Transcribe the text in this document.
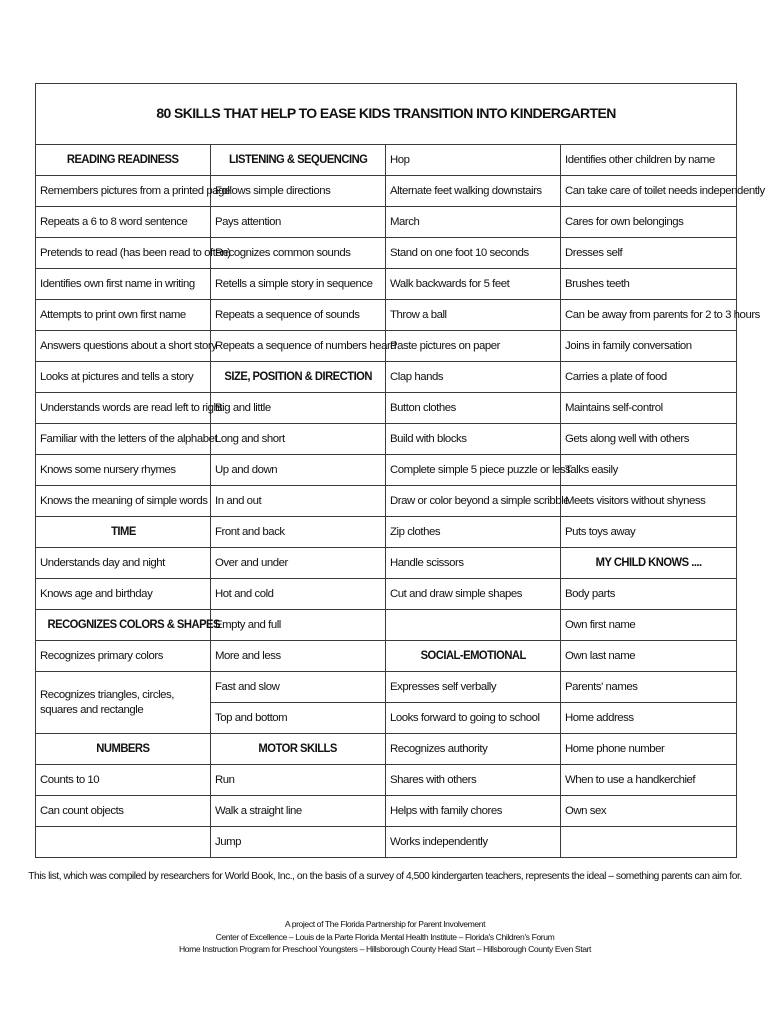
80 SKILLS THAT HELP TO EASE KIDS TRANSITION INTO KINDERGARTEN			
READING READINESS	LISTENING & SEQUENCING	Hop	Identifies other children by name
Remembers pictures from a printed page	Follows simple directions	Alternate feet walking downstairs	Can take care of toilet needs independently
Repeats a 6 to 8 word sentence	Pays attention	March	Cares for own belongings
Pretends to read (has been read to often)	Recognizes common sounds	Stand on one foot 10 seconds	Dresses self
Identifies own first name in writing	Retells a simple story in sequence	Walk backwards for 5 feet	Brushes teeth
Attempts to print own first name	Repeats a sequence of sounds	Throw a ball	Can be away from parents for 2 to 3 hours
Answers questions about a short story	Repeats a sequence of numbers heard	Paste pictures on paper	Joins in family conversation
Looks at pictures and tells a story	SIZE, POSITION & DIRECTION	Clap hands	Carries a plate of food
Understands words are read left to right	Big and little	Button clothes	Maintains self-control
Familiar with the letters of the alphabet	Long and short	Build with blocks	Gets along well with others
Knows some nursery rhymes	Up and down	Complete simple 5 piece puzzle or less	Talks easily
Knows the meaning of simple words	In and out	Draw or color beyond a simple scribble	Meets visitors without shyness
TIME	Front and back	Zip clothes	Puts toys away
Understands day and night	Over and under	Handle scissors	MY CHILD KNOWS ....
Knows age and birthday	Hot and cold	Cut and draw simple shapes	Body parts
RECOGNIZES COLORS & SHAPES	Empty and full		Own first name
Recognizes primary colors	More and less	SOCIAL-EMOTIONAL	Own last name
Recognizes triangles, circles, squares and rectangle	Fast and slow	Expresses self verbally	Parents' names
	Top and bottom	Looks forward to going to school	Home address
NUMBERS	MOTOR SKILLS	Recognizes authority	Home phone number
Counts to 10	Run	Shares with others	When to use a handkerchief
Can count objects	Walk a straight line	Helps with family chores	Own sex
	Jump	Works independently	
This list, which was compiled by researchers for World Book, Inc., on the basis of a survey of 4,500 kindergarten teachers, represents the ideal – something parents can aim for.
A project of The Florida Partnership for Parent Involvement
Center of Excellence – Louis de la Parte Florida Mental Health Institute – Florida's Children's Forum
Home Instruction Program for Preschool Youngsters – Hillsborough County Head Start – Hillsborough County Even Start
